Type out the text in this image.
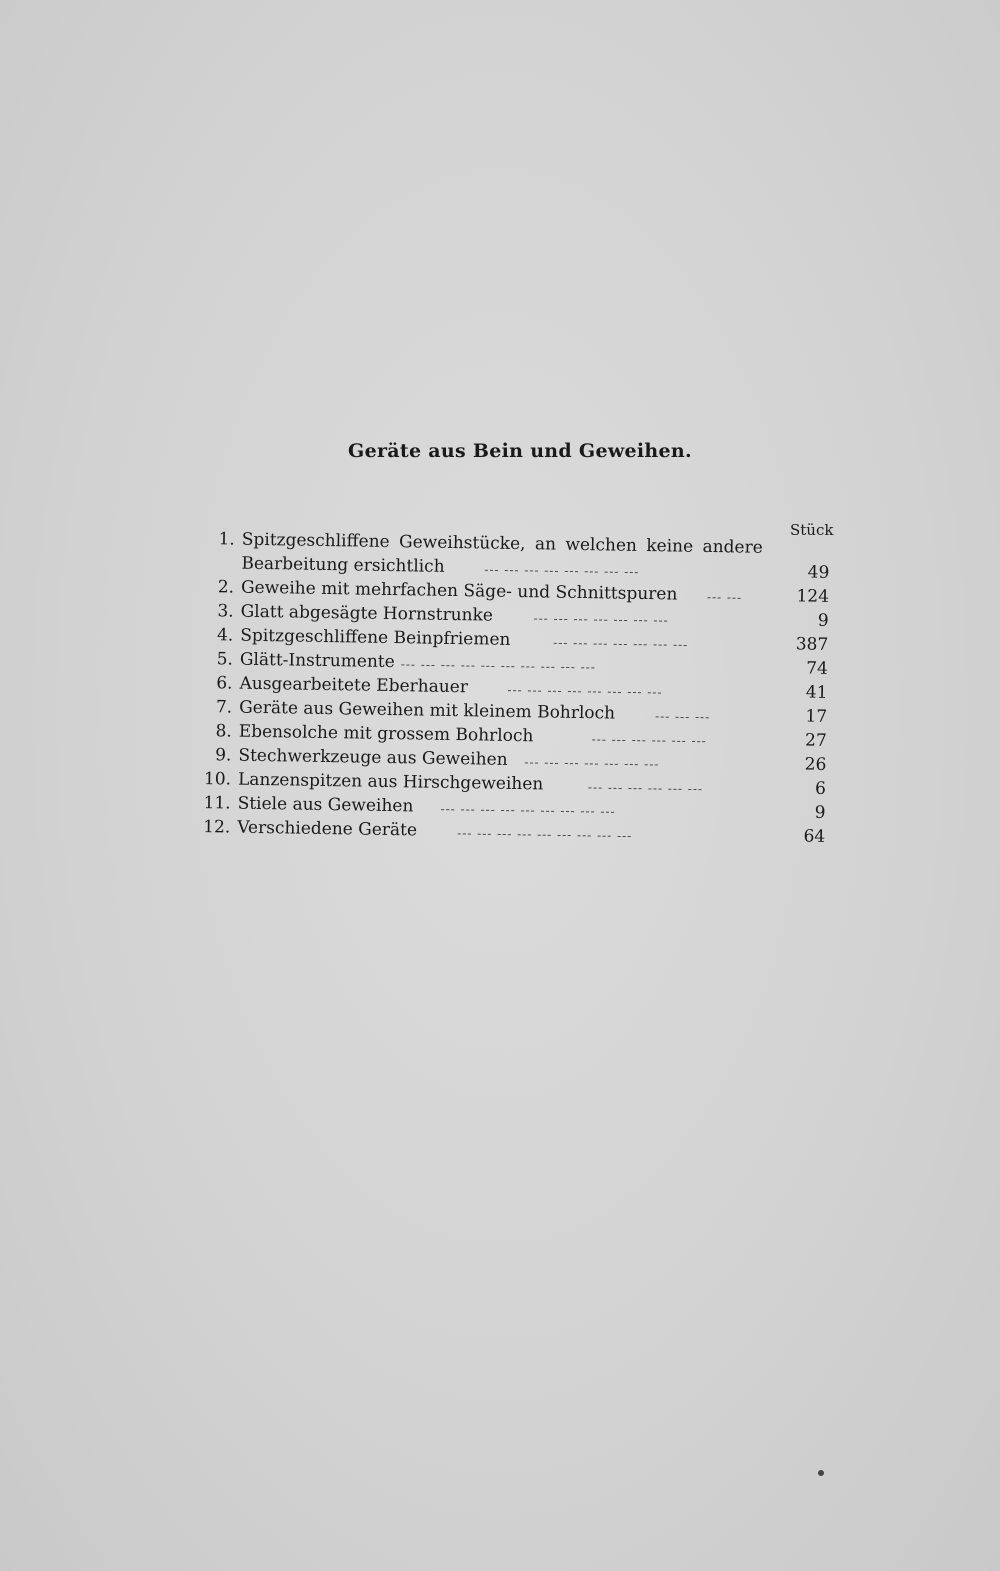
Geräte aus Bein und Geweihen.
Stück
1. Spitzgeschliffene Geweihstücke, an welchen keine andere
Bearbeitung ersichtlich	--- --- --- --- --- --- --- ---	49
2. Geweihe mit mehrfachen Säge- und Schnittspuren --- ---	124
3. Glatt abgesägte Hornstrunke	--- --- --- --- --- --- ---	9
4. Spitzgeschliffene Beinpfriemen	--- --- --- --- --- --- ---	387
5. Glätt-Instrumente --- --- --- --- --- --- --- --- --- ---	74
6. Ausgearbeitete Eberhauer	--- --- --- --- --- --- --- ---	41
7. Geräte aus Geweihen mit kleinem Bohrloch	--- --- ---	17
8. Ebensolche mit grossem Bohrloch	--- --- --- --- --- ---	27
9. Stechwerkzeuge aus Geweihen --- --- --- --- --- --- ---	26
10. Lanzenspitzen aus Hirschgeweihen	--- --- --- --- --- ---	6
11. Stiele aus Geweihen --- --- --- --- --- --- --- --- ---	9
12. Verschiedene Geräte	--- --- --- --- --- --- --- --- ---	64
